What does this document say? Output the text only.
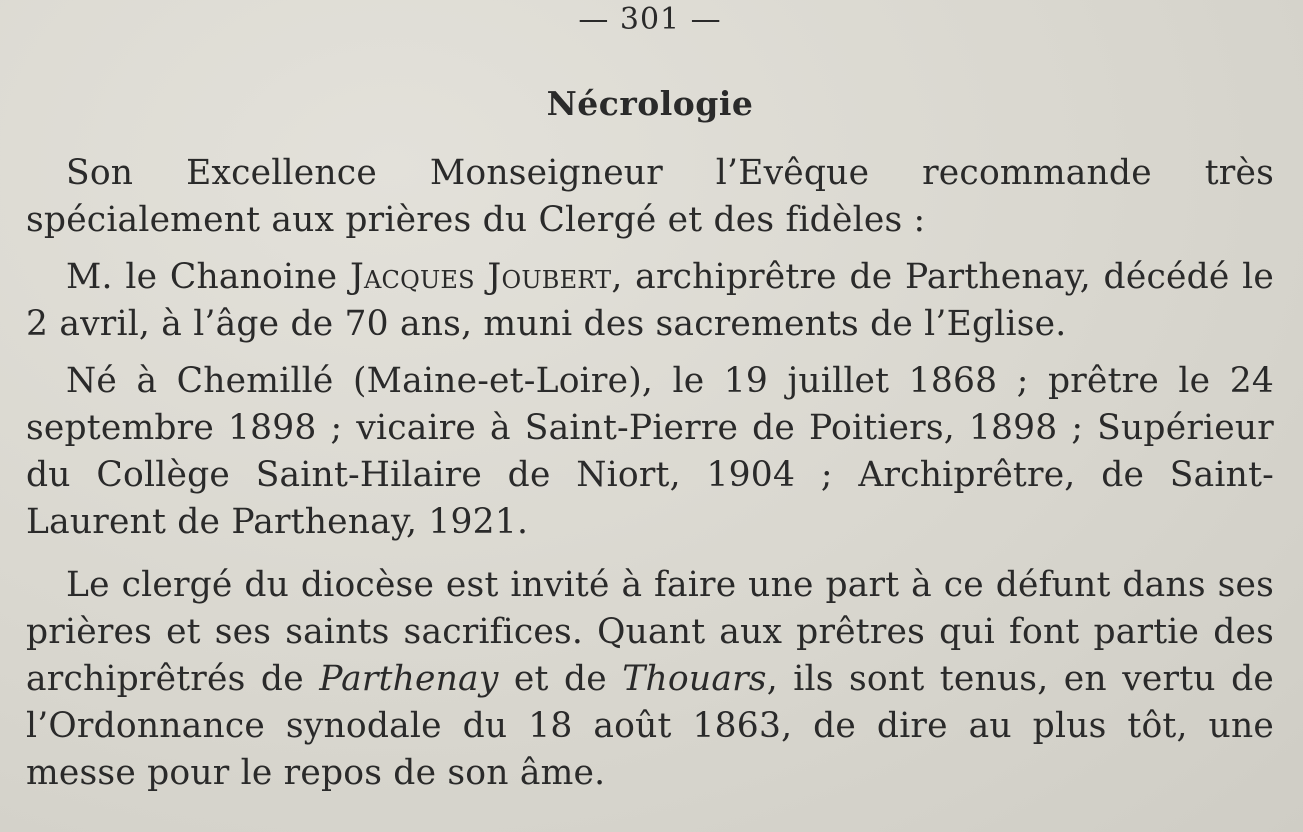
— 301 —
Nécrologie

Son Excellence Monseigneur l’Evêque recommande très spécialement aux prières du Clergé et des fidèles :

M. le Chanoine Jacques Joubert, archiprêtre de Parthenay, décédé le 2 avril, à l’âge de 70 ans, muni des sacrements de l’Eglise.

Né à Chemillé (Maine-et-Loire), le 19 juillet 1868 ; prêtre le 24 septembre 1898 ; vicaire à Saint-Pierre de Poitiers, 1898 ; Supérieur du Collège Saint-Hilaire de Niort, 1904 ; Archiprêtre, de Saint-Laurent de Parthenay, 1921.

Le clergé du diocèse est invité à faire une part à ce défunt dans ses prières et ses saints sacrifices. Quant aux prêtres qui font partie des archiprêtrés de Parthenay et de Thouars, ils sont tenus, en vertu de l’Ordonnance synodale du 18 août 1863, de dire au plus tôt, une messe pour le repos de son âme.
